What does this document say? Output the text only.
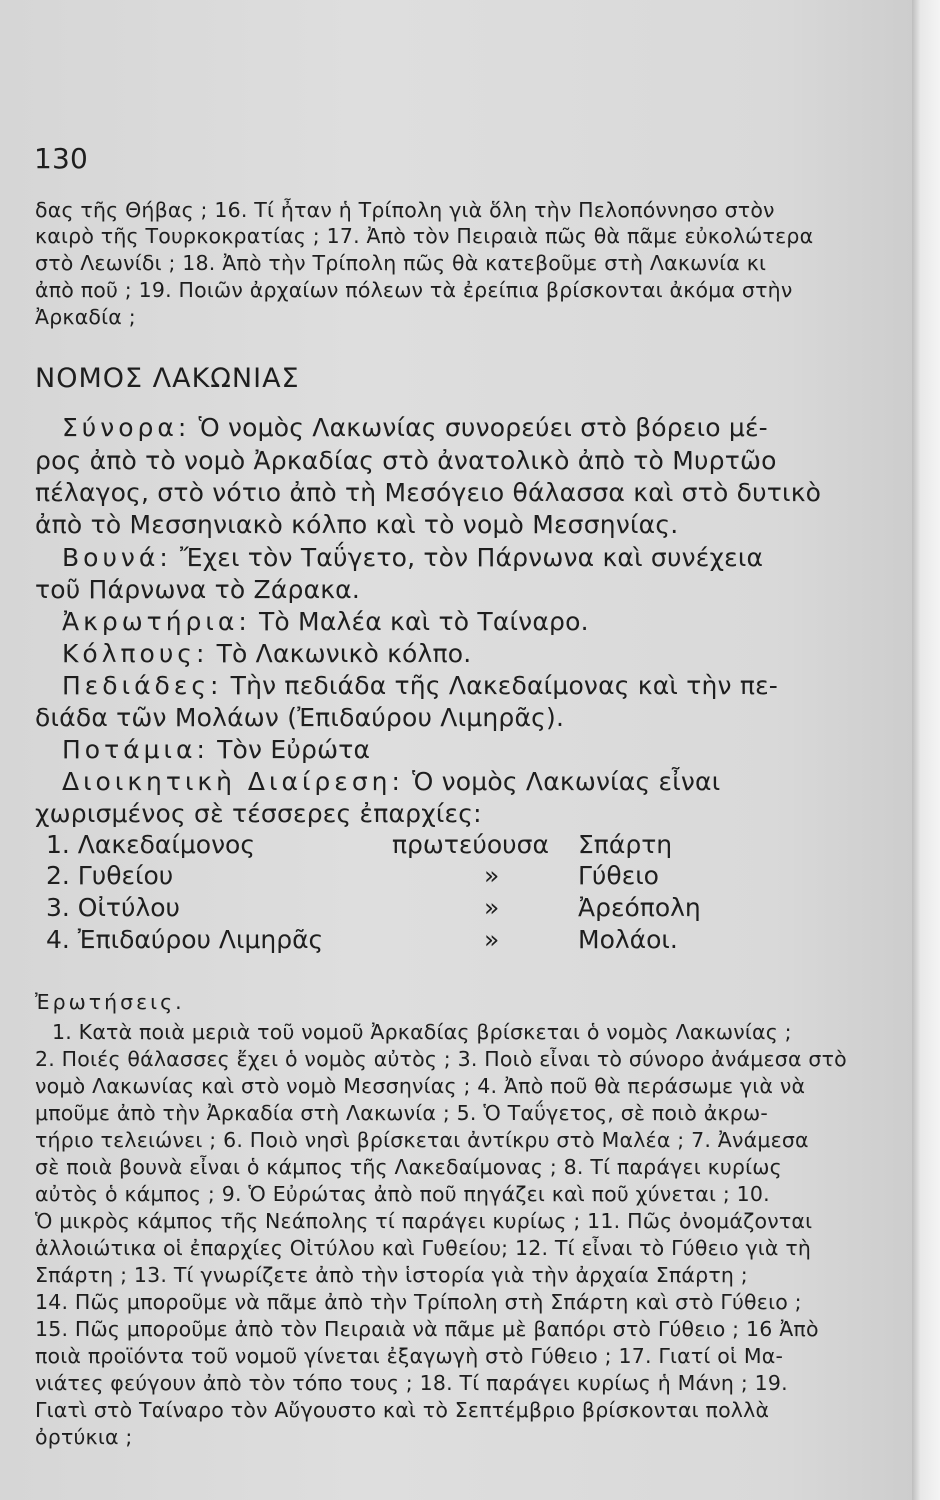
130
δας τῆς Θήβας ; 16. Τί ἦταν ἡ Τρίπολη γιὰ ὅλη τὴν Πελοπόννησο στὸν
καιρὸ τῆς Τουρκοκρατίας ; 17. Ἀπὸ τὸν Πειραιὰ πῶς θὰ πᾶμε εὐκολώτερα
στὸ Λεωνίδι ; 18. Ἀπὸ τὴν Τρίπολη πῶς θὰ κατεβοῦμε στὴ Λακωνία κι
ἀπὸ ποῦ ; 19. Ποιῶν ἀρχαίων πόλεων τὰ ἐρείπια βρίσκονται ἀκόμα στὴν
Ἀρκαδία ;
ΝΟΜΟΣ ΛΑΚΩΝΙΑΣ
Σύνορα: Ὁ νομὸς Λακωνίας συνορεύει στὸ βόρειο μέ-
ρος ἀπὸ τὸ νομὸ Ἀρκαδίας στὸ ἀνατολικὸ ἀπὸ τὸ Μυρτῶο
πέλαγος, στὸ νότιο ἀπὸ τὴ Μεσόγειο θάλασσα καὶ στὸ δυτικὸ
ἀπὸ τὸ Μεσσηνιακὸ κόλπο καὶ τὸ νομὸ Μεσσηνίας.
Βουνά: Ἔχει τὸν Ταΰγετο, τὸν Πάρνωνα καὶ συνέχεια
τοῦ Πάρνωνα τὸ Ζάρακα.
Ἀκρωτήρια: Τὸ Μαλέα καὶ τὸ Ταίναρο.
Κόλπους: Τὸ Λακωνικὸ κόλπο.
Πεδιάδες: Τὴν πεδιάδα τῆς Λακεδαίμονας καὶ τὴν πε-
διάδα τῶν Μολάων (Ἐπιδαύρου Λιμηρᾶς).
Ποτάμια: Τὸν Εὐρώτα
Διοικητικὴ Διαίρεση: Ὁ νομὸς Λακωνίας εἶναι
χωρισμένος σὲ τέσσερες ἐπαρχίες:
1. Λακεδαίμονος	πρωτεύουσα Σπάρτη
2. Γυθείου	»	Γύθειο
3. Οἰτύλου	»	Ἀρεόπολη
4. Ἐπιδαύρου Λιμηρᾶς	»	Μολάοι.
Ἐρωτήσεις.
1. Κατὰ ποιὰ μεριὰ τοῦ νομοῦ Ἀρκαδίας βρίσκεται ὁ νομὸς Λακωνίας ;
2. Ποιές θάλασσες ἔχει ὁ νομὸς αὐτὸς ; 3. Ποιὸ εἶναι τὸ σύνορο ἀνάμεσα στὸ
νομὸ Λακωνίας καὶ στὸ νομὸ Μεσσηνίας ; 4. Ἀπὸ ποῦ θὰ περάσωμε γιὰ νὰ
μποῦμε ἀπὸ τὴν Ἀρκαδία στὴ Λακωνία ; 5. Ὁ Ταΰγετος, σὲ ποιὸ ἀκρω-
τήριο τελειώνει ; 6. Ποιὸ νησὶ βρίσκεται ἀντίκρυ στὸ Μαλέα ; 7. Ἀνάμεσα
σὲ ποιὰ βουνὰ εἶναι ὁ κάμπος τῆς Λακεδαίμονας ; 8. Τί παράγει κυρίως
αὐτὸς ὁ κάμπος ; 9. Ὁ Εὐρώτας ἀπὸ ποῦ πηγάζει καὶ ποῦ χύνεται ; 10.
Ὁ μικρὸς κάμπος τῆς Νεάπολης τί παράγει κυρίως ; 11. Πῶς ὀνομάζονται
ἀλλοιώτικα οἱ ἐπαρχίες Οἰτύλου καὶ Γυθείου; 12. Τί εἶναι τὸ Γύθειο γιὰ τὴ
Σπάρτη ; 13. Τί γνωρίζετε ἀπὸ τὴν ἱστορία γιὰ τὴν ἀρχαία Σπάρτη ;
14. Πῶς μποροῦμε νὰ πᾶμε ἀπὸ τὴν Τρίπολη στὴ Σπάρτη καὶ στὸ Γύθειο ;
15. Πῶς μποροῦμε ἀπὸ τὸν Πειραιὰ νὰ πᾶμε μὲ βαπόρι στὸ Γύθειο ; 16 Ἀπὸ
ποιὰ προϊόντα τοῦ νομοῦ γίνεται ἐξαγωγὴ στὸ Γύθειο ; 17. Γιατί οἱ Μα-
νιάτες φεύγουν ἀπὸ τὸν τόπο τους ; 18. Τί παράγει κυρίως ἡ Μάνη ; 19.
Γιατὶ στὸ Ταίναρο τὸν Αὔγουστο καὶ τὸ Σεπτέμβριο βρίσκονται πολλὰ
ὀρτύκια ;
